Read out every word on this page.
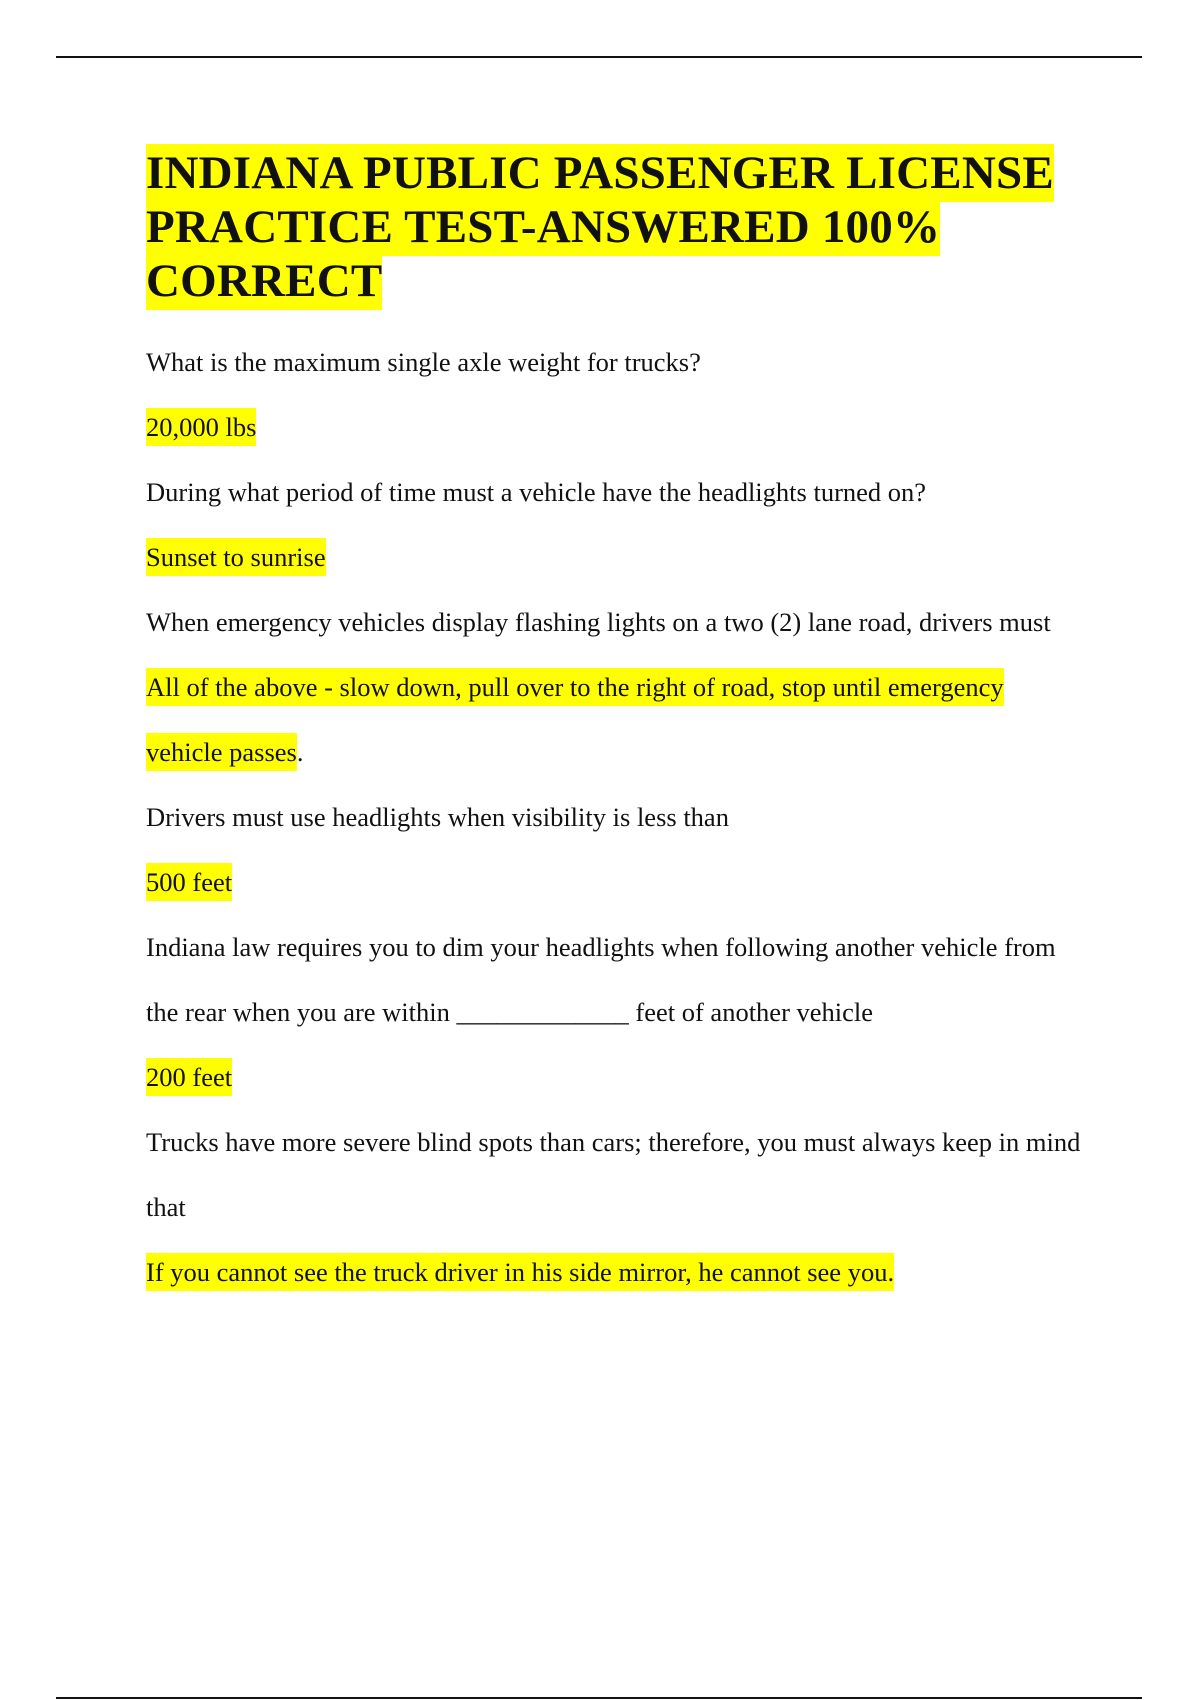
INDIANA PUBLIC PASSENGER LICENSE PRACTICE TEST-ANSWERED 100% CORRECT

What is the maximum single axle weight for trucks?

20,000 lbs

During what period of time must a vehicle have the headlights turned on?

Sunset to sunrise

When emergency vehicles display flashing lights on a two (2) lane road, drivers must

All of the above - slow down, pull over to the right of road, stop until emergency vehicle passes.

Drivers must use headlights when visibility is less than

500 feet

Indiana law requires you to dim your headlights when following another vehicle from the rear when you are within _____________ feet of another vehicle

200 feet

Trucks have more severe blind spots than cars; therefore, you must always keep in mind that

If you cannot see the truck driver in his side mirror, he cannot see you.
